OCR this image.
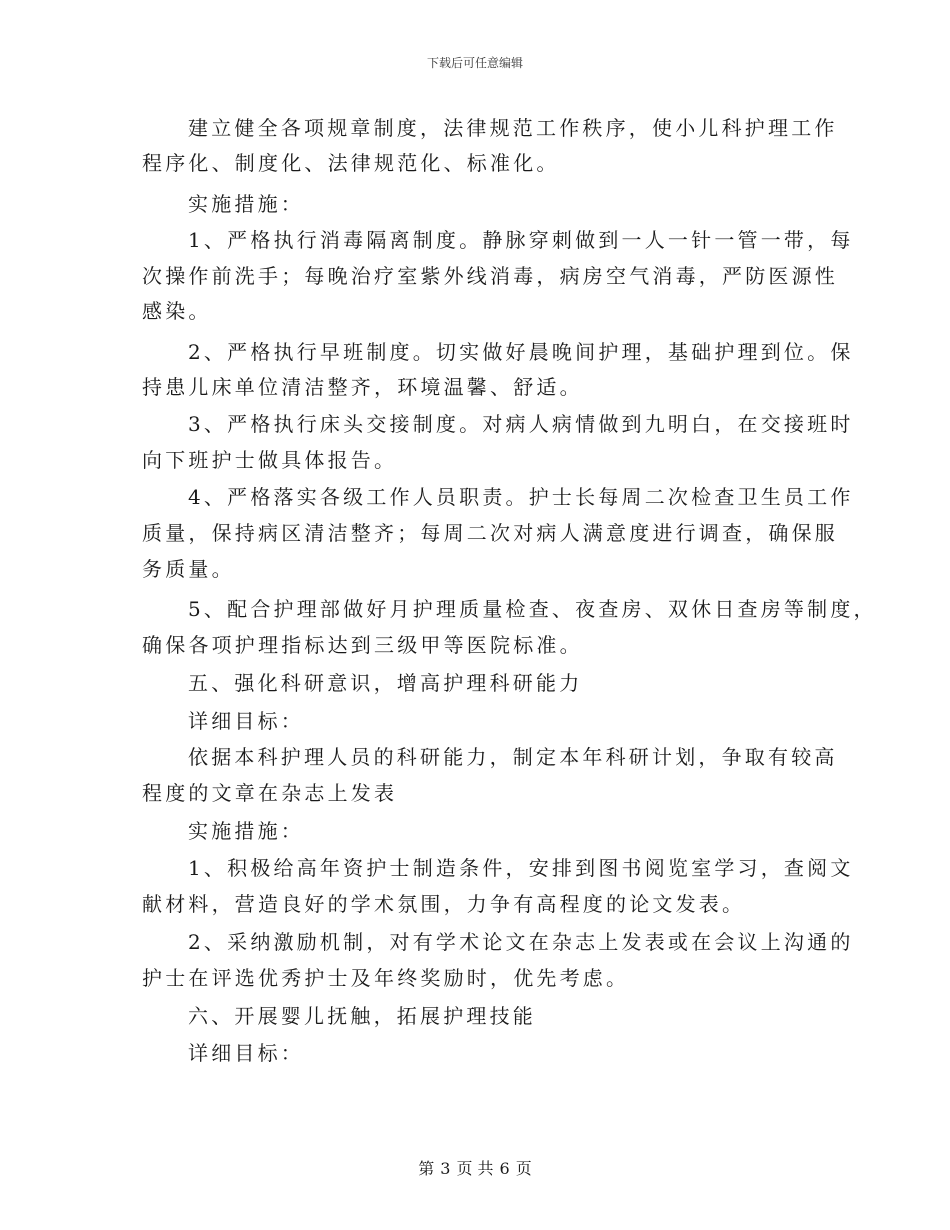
下载后可任意编辑
建立健全各项规章制度，法律规范工作秩序，使小儿科护理工作
程序化、制度化、法律规范化、标准化。
实施措施：
1、严格执行消毒隔离制度。静脉穿刺做到一人一针一管一带，每
次操作前洗手；每晚治疗室紫外线消毒，病房空气消毒，严防医源性
感染。
2、严格执行早班制度。切实做好晨晚间护理，基础护理到位。保
持患儿床单位清洁整齐，环境温馨、舒适。
3、严格执行床头交接制度。对病人病情做到九明白，在交接班时
向下班护士做具体报告。
4、严格落实各级工作人员职责。护士长每周二次检查卫生员工作
质量，保持病区清洁整齐；每周二次对病人满意度进行调查，确保服
务质量。
5、配合护理部做好月护理质量检查、夜查房、双休日查房等制度，
确保各项护理指标达到三级甲等医院标准。
五、强化科研意识，增高护理科研能力
详细目标：
依据本科护理人员的科研能力，制定本年科研计划，争取有较高
程度的文章在杂志上发表
实施措施：
1、积极给高年资护士制造条件，安排到图书阅览室学习，查阅文
献材料，营造良好的学术氛围，力争有高程度的论文发表。
2、采纳激励机制，对有学术论文在杂志上发表或在会议上沟通的
护士在评选优秀护士及年终奖励时，优先考虑。
六、开展婴儿抚触，拓展护理技能
详细目标：
第 3 页 共 6 页
